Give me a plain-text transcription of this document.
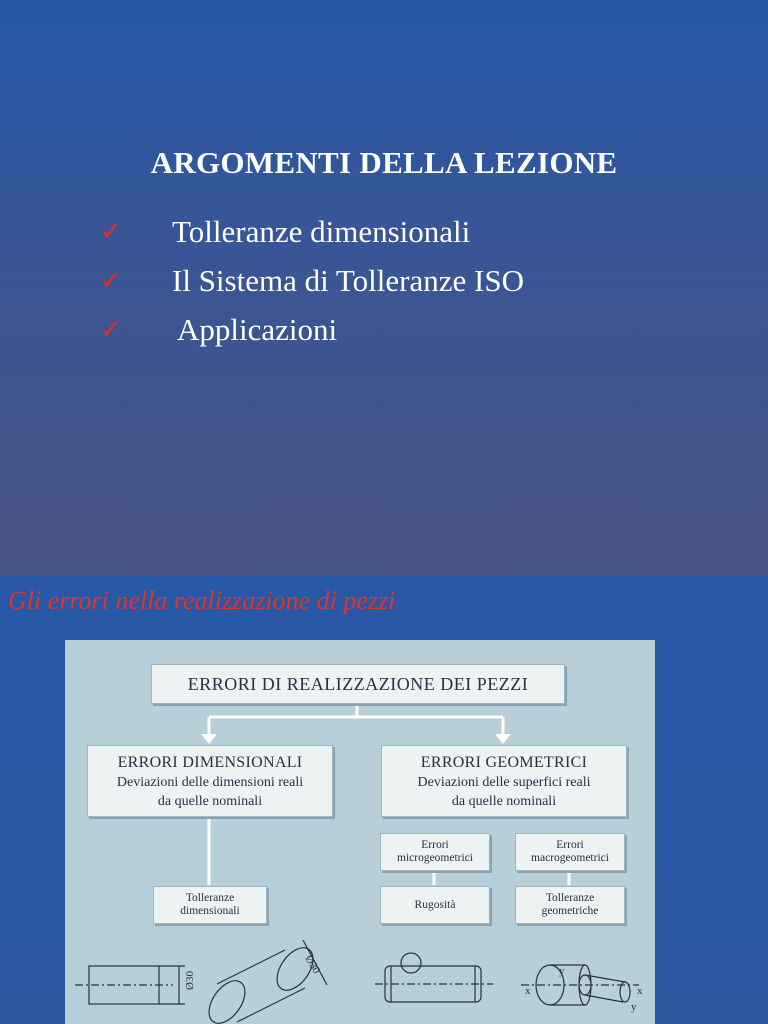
ARGOMENTI DELLA LEZIONE
✓	Tolleranze dimensionali
✓	Il Sistema di Tolleranze ISO
✓	Applicazioni
Gli errori nella realizzazione di pezzi
Ø30
Ø30
x
y
x
y
ERRORI DI REALIZZAZIONE DEI PEZZI
ERRORI DIMENSIONALI
Deviazioni delle dimensioni reali
da quelle nominali
ERRORI GEOMETRICI
Deviazioni delle superfici reali
da quelle nominali
Errori
microgeometrici
Errori
macrogeometrici
Tolleranze
dimensionali
Rugosità
Tolleranze
geometriche
